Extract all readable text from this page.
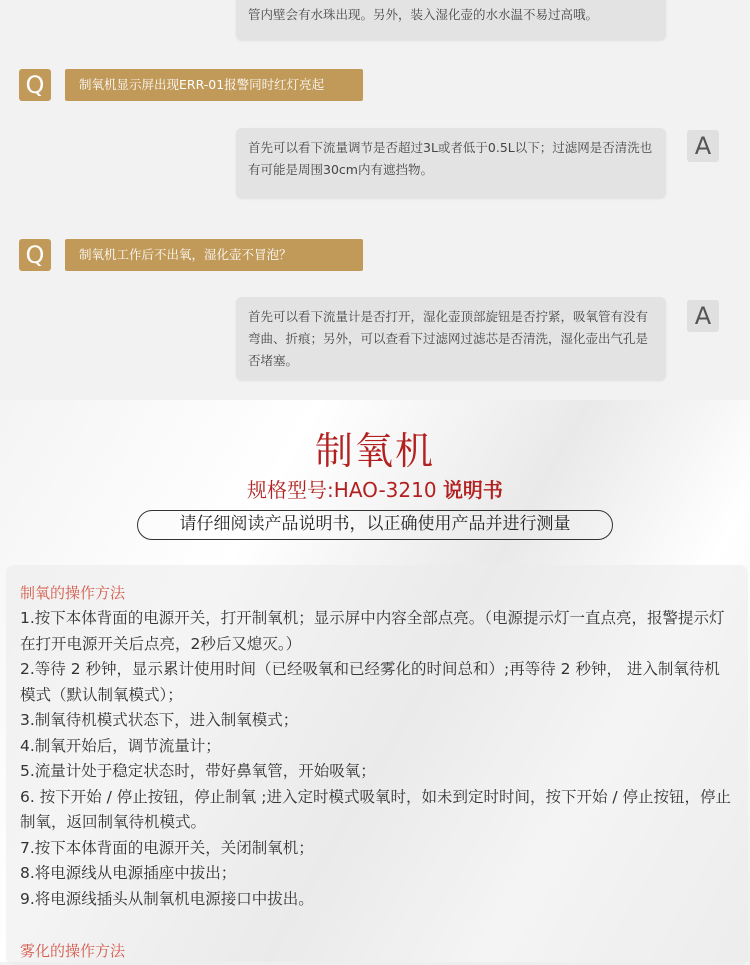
管内壁会有水珠出现。另外，装入湿化壶的水水温不易过高哦。
Q	制氧机显示屏出现ERR-01报警同时红灯亮起
首先可以看下流量调节是否超过3L或者低于0.5L以下；过滤网是否清洗也有可能是周围30cm内有遮挡物。
A
Q	制氧机工作后不出氧，湿化壶不冒泡？
首先可以看下流量计是否打开，湿化壶顶部旋钮是否拧紧，吸氧管有没有弯曲、折痕；另外，可以查看下过滤网过滤芯是否清洗，湿化壶出气孔是否堵塞。
A
制氧机
规格型号:HAO-3210 说明书
请仔细阅读产品说明书，以正确使用产品并进行测量
制氧的操作方法
1.按下本体背面的电源开关，打开制氧机；显示屏中内容全部点亮。（电源提示灯一直点亮，报警提示灯在打开电源开关后点亮，2秒后又熄灭。）
2.等待 2 秒钟，显示累计使用时间（已经吸氧和已经雾化的时间总和）;再等待 2 秒钟， 进入制氧待机模式（默认制氧模式）；
3.制氧待机模式状态下，进入制氧模式；
4.制氧开始后，调节流量计；
5.流量计处于稳定状态时，带好鼻氧管，开始吸氧；
6. 按下开始 / 停止按钮，停止制氧 ;进入定时模式吸氧时，如未到定时时间，按下开始 / 停止按钮，停止制氧，返回制氧待机模式。
7.按下本体背面的电源开关，关闭制氧机；
8.将电源线从电源插座中拔出；
9.将电源线插头从制氧机电源接口中拔出。
雾化的操作方法
